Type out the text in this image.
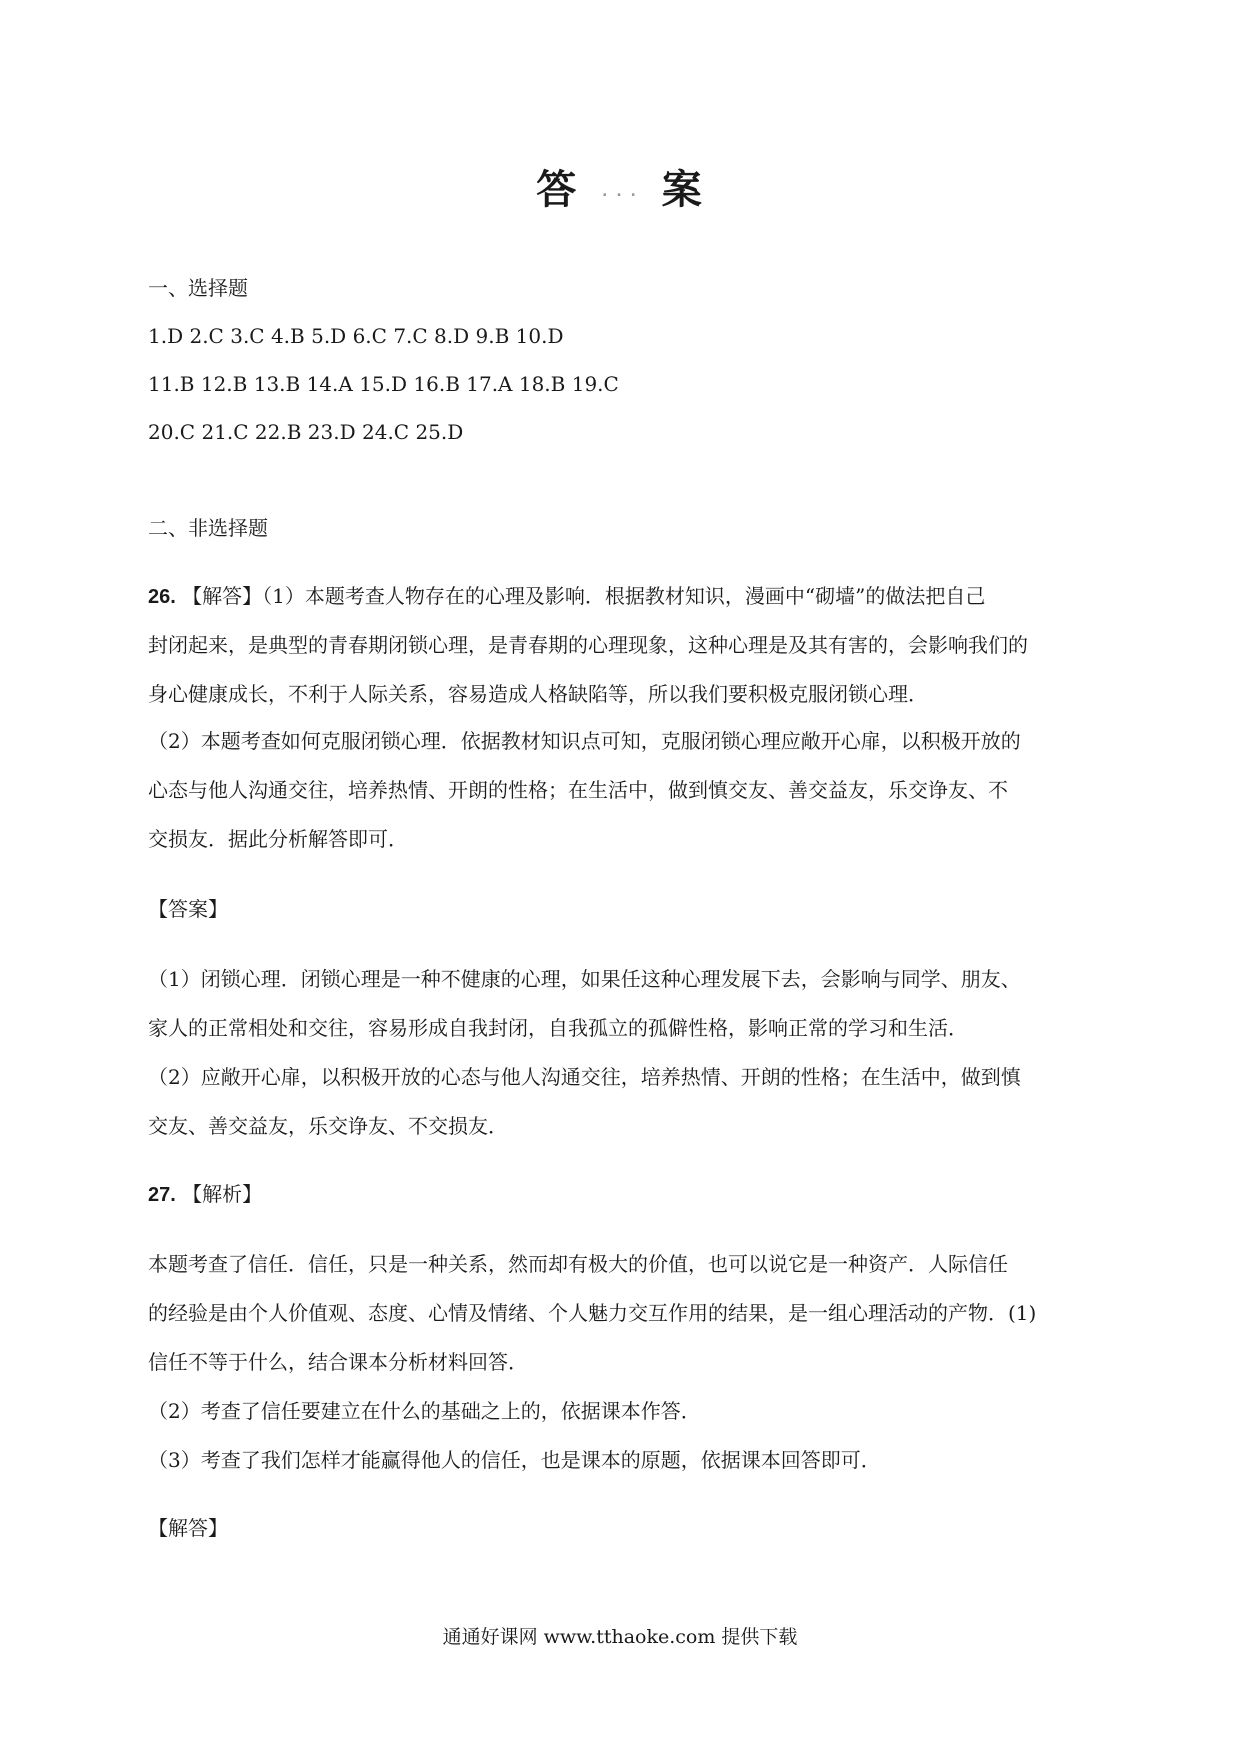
答 . . . 案
一、选择题
1.D 2.C 3.C 4.B 5.D 6.C 7.C 8.D 9.B 10.D
11.B 12.B 13.B 14.A 15.D 16.B 17.A 18.B 19.C
20.C 21.C 22.B 23.D 24.C 25.D
二、非选择题
26. 【解答】（1）本题考查人物存在的心理及影响．根据教材知识，漫画中“砌墙”的做法把自己
封闭起来，是典型的青春期闭锁心理，是青春期的心理现象，这种心理是及其有害的，会影响我们的
身心健康成长，不利于人际关系，容易造成人格缺陷等，所以我们要积极克服闭锁心理．
（2）本题考查如何克服闭锁心理．依据教材知识点可知，克服闭锁心理应敞开心扉，以积极开放的
心态与他人沟通交往，培养热情、开朗的性格；在生活中，做到慎交友、善交益友，乐交诤友、不
交损友．据此分析解答即可．
【答案】
（1）闭锁心理．闭锁心理是一种不健康的心理，如果任这种心理发展下去，会影响与同学、朋友、
家人的正常相处和交往，容易形成自我封闭，自我孤立的孤僻性格，影响正常的学习和生活．
（2）应敞开心扉，以积极开放的心态与他人沟通交往，培养热情、开朗的性格；在生活中，做到慎
交友、善交益友，乐交诤友、不交损友．
27. 【解析】
本题考查了信任．信任，只是一种关系，然而却有极大的价值，也可以说它是一种资产．人际信任
的经验是由个人价值观、态度、心情及情绪、个人魅力交互作用的结果，是一组心理活动的产物．(1)
信任不等于什么，结合课本分析材料回答．
（2）考查了信任要建立在什么的基础之上的，依据课本作答．
（3）考查了我们怎样才能赢得他人的信任，也是课本的原题，依据课本回答即可．
【解答】
通通好课网 www.tthaoke.com 提供下载
